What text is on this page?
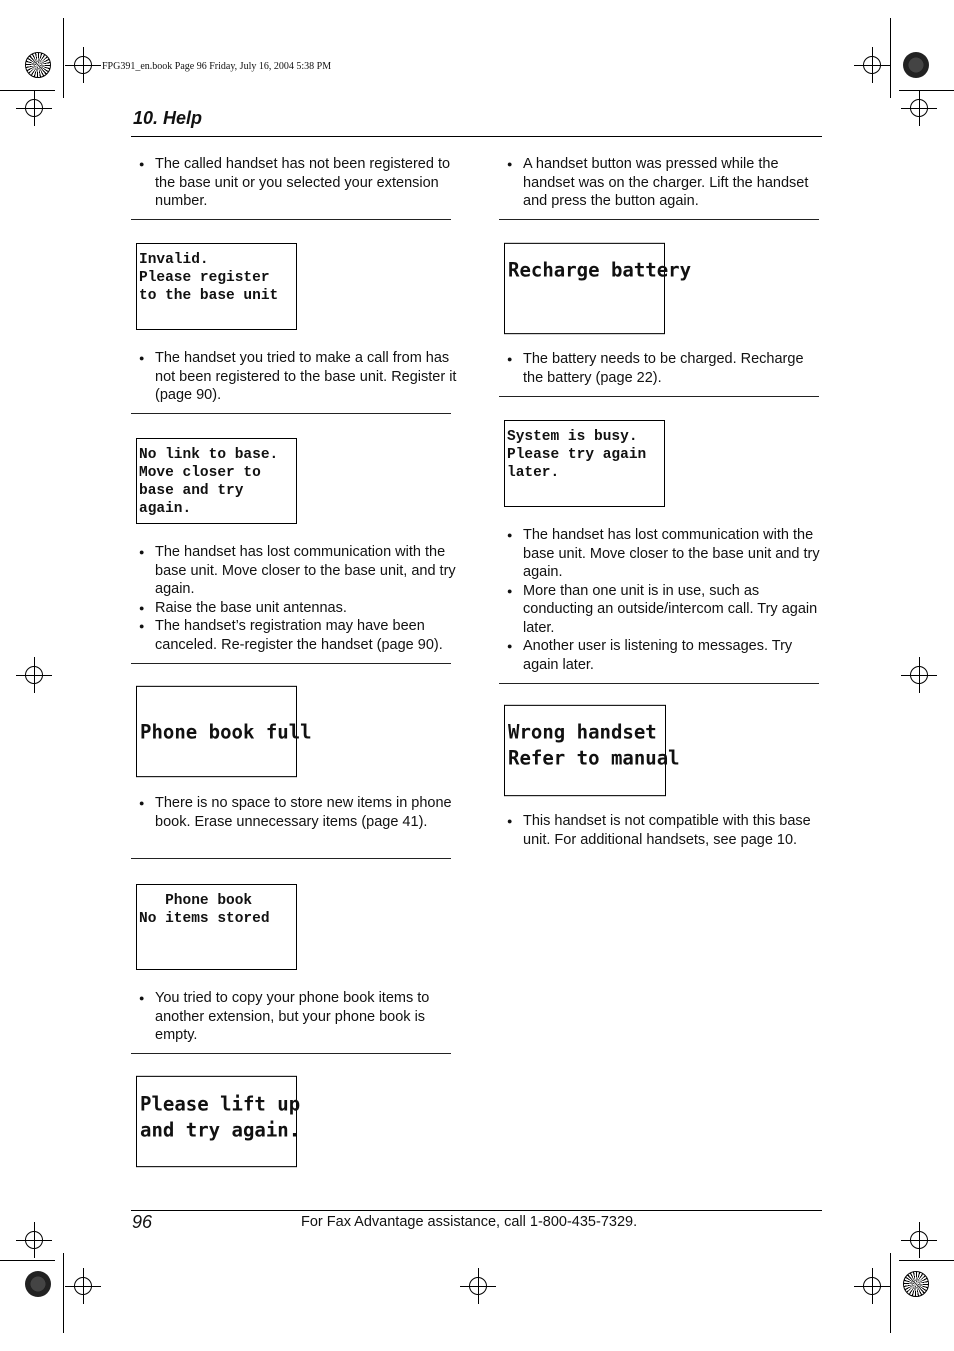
FPG391_en.book Page 96 Friday, July 16, 2004 5:38 PM
10. Help
● The called handset has not been registered to the base unit or you selected your extension number.
Invalid.
Please register
to the base unit
● The handset you tried to make a call from has not been registered to the base unit. Register it (page 90).
No link to base.
Move closer to
base and try
again.
● The handset has lost communication with the base unit. Move closer to the base unit, and try again.
● Raise the base unit antennas.
● The handset’s registration may have been canceled. Re-register the handset (page 90).
Phone book full
● There is no space to store new items in phone book. Erase unnecessary items (page 41).
Phone book
No items stored
● You tried to copy your phone book items to another extension, but your phone book is empty.
Please lift up
and try again.
● A handset button was pressed while the handset was on the charger. Lift the handset and press the button again.
Recharge battery
● The battery needs to be charged. Recharge the battery (page 22).
System is busy.
Please try again
later.
● The handset has lost communication with the base unit. Move closer to the base unit and try again.
● More than one unit is in use, such as conducting an outside/intercom call. Try again later.
● Another user is listening to messages. Try again later.
Wrong handset
Refer to manual
● This handset is not compatible with this base unit. For additional handsets, see page 10.
96	For Fax Advantage assistance, call 1-800-435-7329.
